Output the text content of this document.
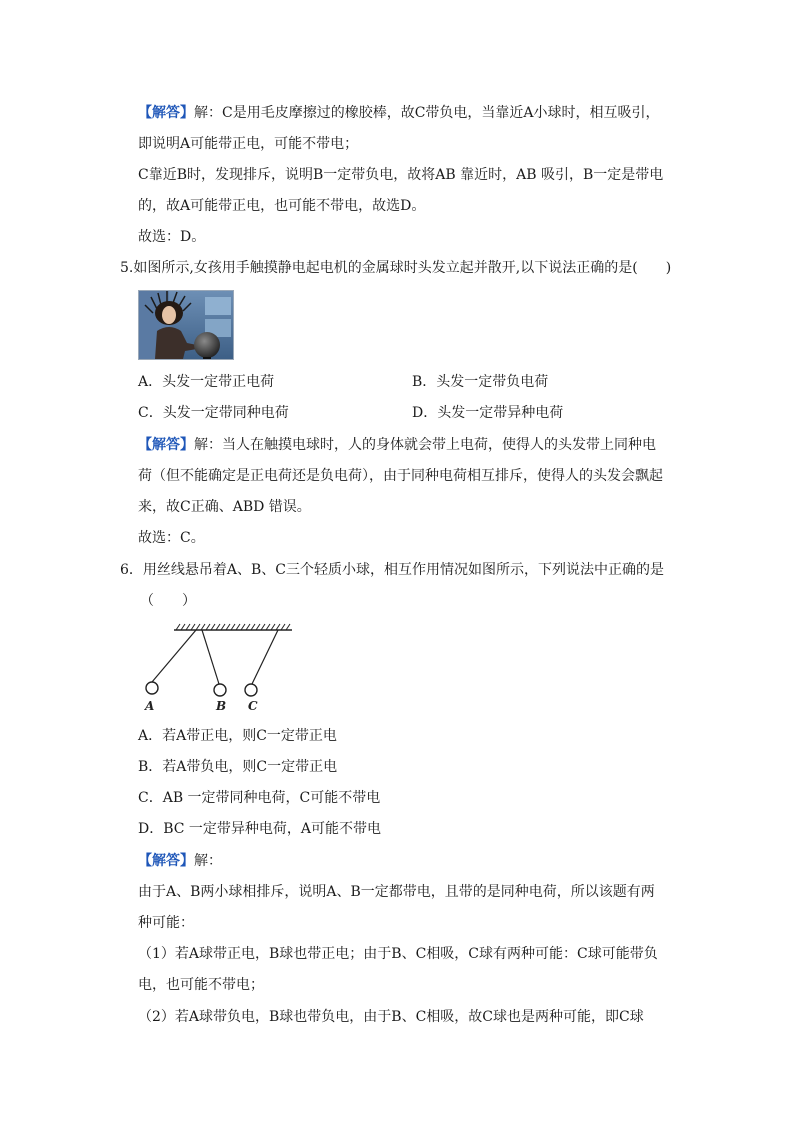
【解答】解：C是用毛皮摩擦过的橡胶棒，故C带负电，当靠近A小球时，相互吸引，
即说明A可能带正电，可能不带电；
C靠近B时，发现排斥，说明B一定带负电，故将AB 靠近时，AB 吸引，B一定是带电
的，故A可能带正电，也可能不带电，故选D。
故选：D。
5.如图所示,女孩用手触摸静电起电机的金属球时头发立起并散开,以下说法正确的是(　　)
A．头发一定带正电荷	B．头发一定带负电荷
C．头发一定带同种电荷	D．头发一定带异种电荷
【解答】解：当人在触摸电球时，人的身体就会带上电荷，使得人的头发带上同种电
荷（但不能确定是正电荷还是负电荷），由于同种电荷相互排斥，使得人的头发会飘起
来，故C正确、ABD 错误。
故选：C。
6．用丝线悬吊着A、B、C三个轻质小球，相互作用情况如图所示，下列说法中正确的是
（　　）
A	B C
A．若A带正电，则C一定带正电
B．若A带负电，则C一定带正电
C．AB 一定带同种电荷，C可能不带电
D．BC 一定带异种电荷，A可能不带电
【解答】解：
由于A、B两小球相排斥，说明A、B一定都带电，且带的是同种电荷，所以该题有两
种可能：
（1）若A球带正电，B球也带正电；由于B、C相吸，C球有两种可能：C球可能带负
电，也可能不带电；
（2）若A球带负电，B球也带负电，由于B、C相吸，故C球也是两种可能，即C球
